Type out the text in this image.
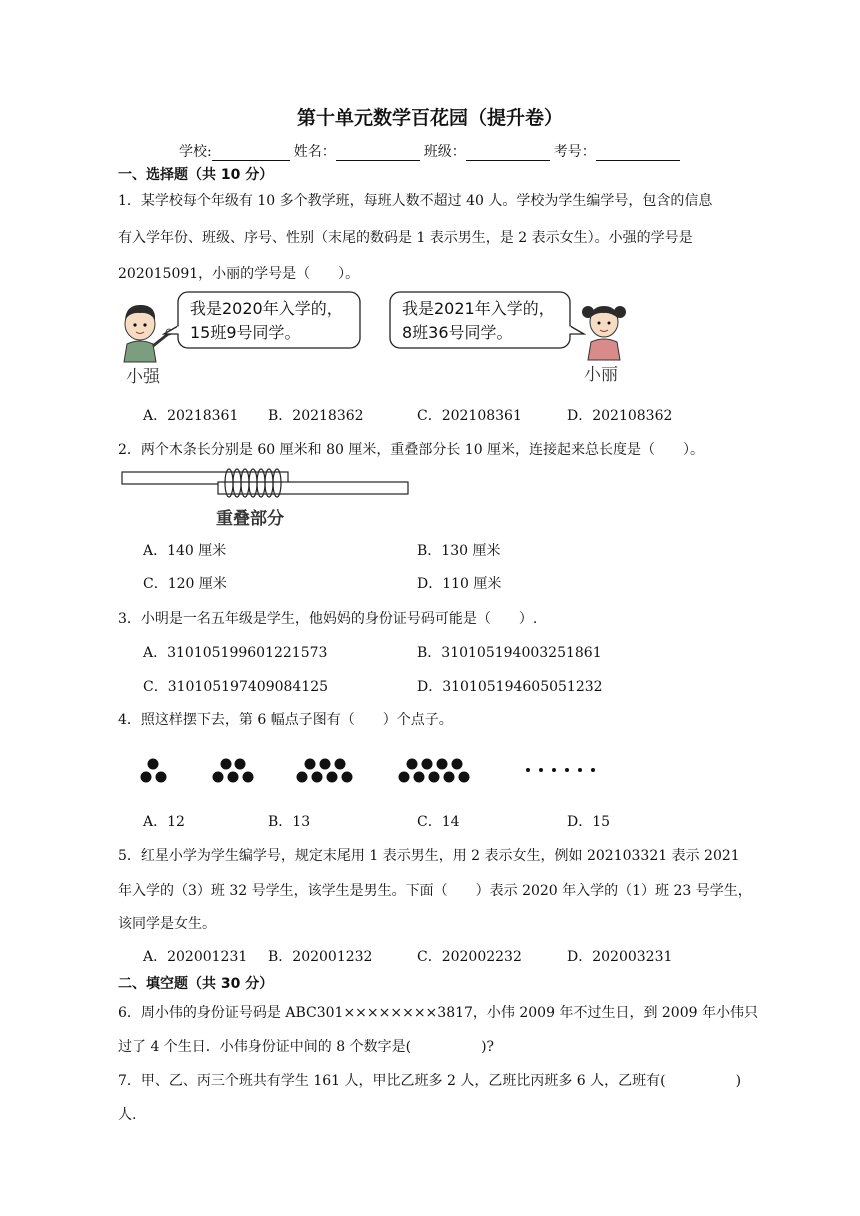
第十单元数学百花园（提升卷）
学校:	姓名：	班级：	考号：
一、选择题（共 10 分）
1．某学校每个年级有 10 多个教学班，每班人数不超过 40 人。学校为学生编学号，包含的信息
有入学年份、班级、序号、性别（末尾的数码是 1 表示男生，是 2 表示女生）。小强的学号是
202015091，小丽的学号是（　　）。
我是2020年入学的，
15班9号同学。
小强
我是2021年入学的，
8班36号同学。
小丽
A．20218361 B．20218362	C．202108361	D．202108362
2．两个木条长分别是 60 厘米和 80 厘米，重叠部分长 10 厘米，连接起来总长度是（　　）。
重叠部分
A．140 厘米	B．130 厘米
C．120 厘米	D．110 厘米
3．小明是一名五年级是学生，他妈妈的身份证号码可能是（　　）.
A．310105199601221573	B．310105194003251861
C．310105197409084125	D．310105194605051232
4．照这样摆下去，第 6 幅点子图有（　　）个点子。
A．12	B．13	C．14	D．15
5．红星小学为学生编学号，规定末尾用 1 表示男生，用 2 表示女生，例如 202103321 表示 2021
年入学的（3）班 32 号学生，该学生是男生。下面（　　）表示 2020 年入学的（1）班 23 号学生，
该同学是女生。
A．202001231 B．202001232	C．202002232	D．202003231
二、填空题（共 30 分）
6．周小伟的身份证号码是 ABC301××××××××3817，小伟 2009 年不过生日，到 2009 年小伟只
过了 4 个生日．小伟身份证中间的 8 个数字是(　　　　　)?
7．甲、乙、丙三个班共有学生 161 人，甲比乙班多 2 人，乙班比丙班多 6 人，乙班有(　　　　　)
人.
